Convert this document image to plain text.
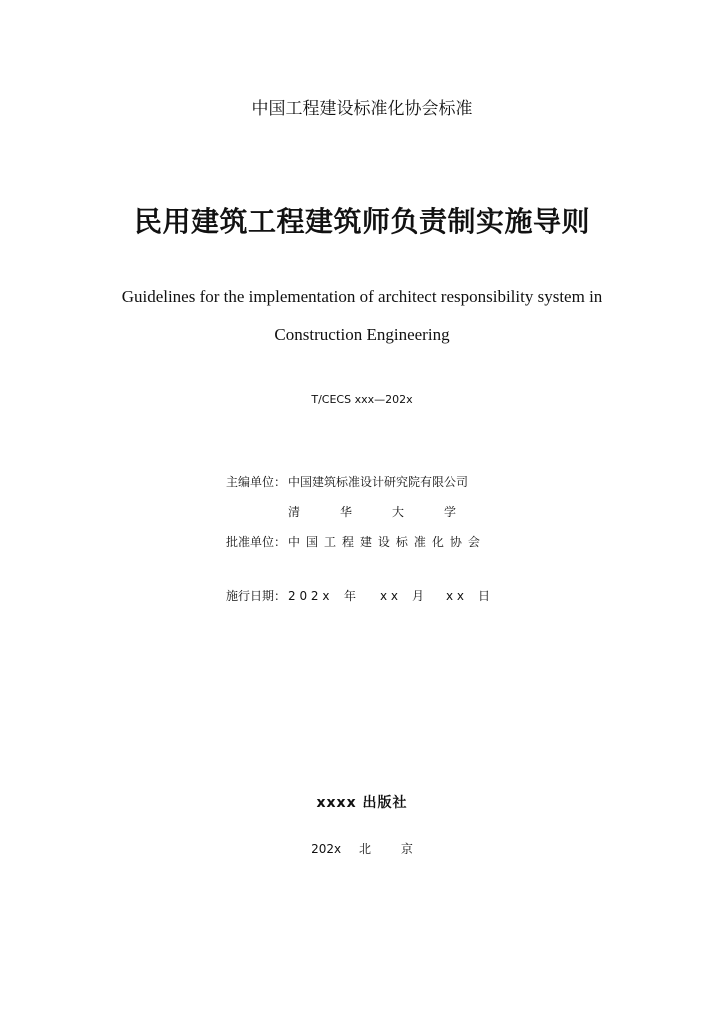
中国工程建设标准化协会标准
民用建筑工程建筑师负责制实施导则
Guidelines for the implementation of architect responsibility system in
Construction Engineering
T/CECS xxx—202x
主编单位： 中国建筑标准设计研究院有限公司
清	华	大	学
批准单位： 中 国 工 程 建 设 标 准 化 协 会
施行日期： 2 0 2 x	年	x x	月	x x	日
xxxx 出版社
202x 北 京
